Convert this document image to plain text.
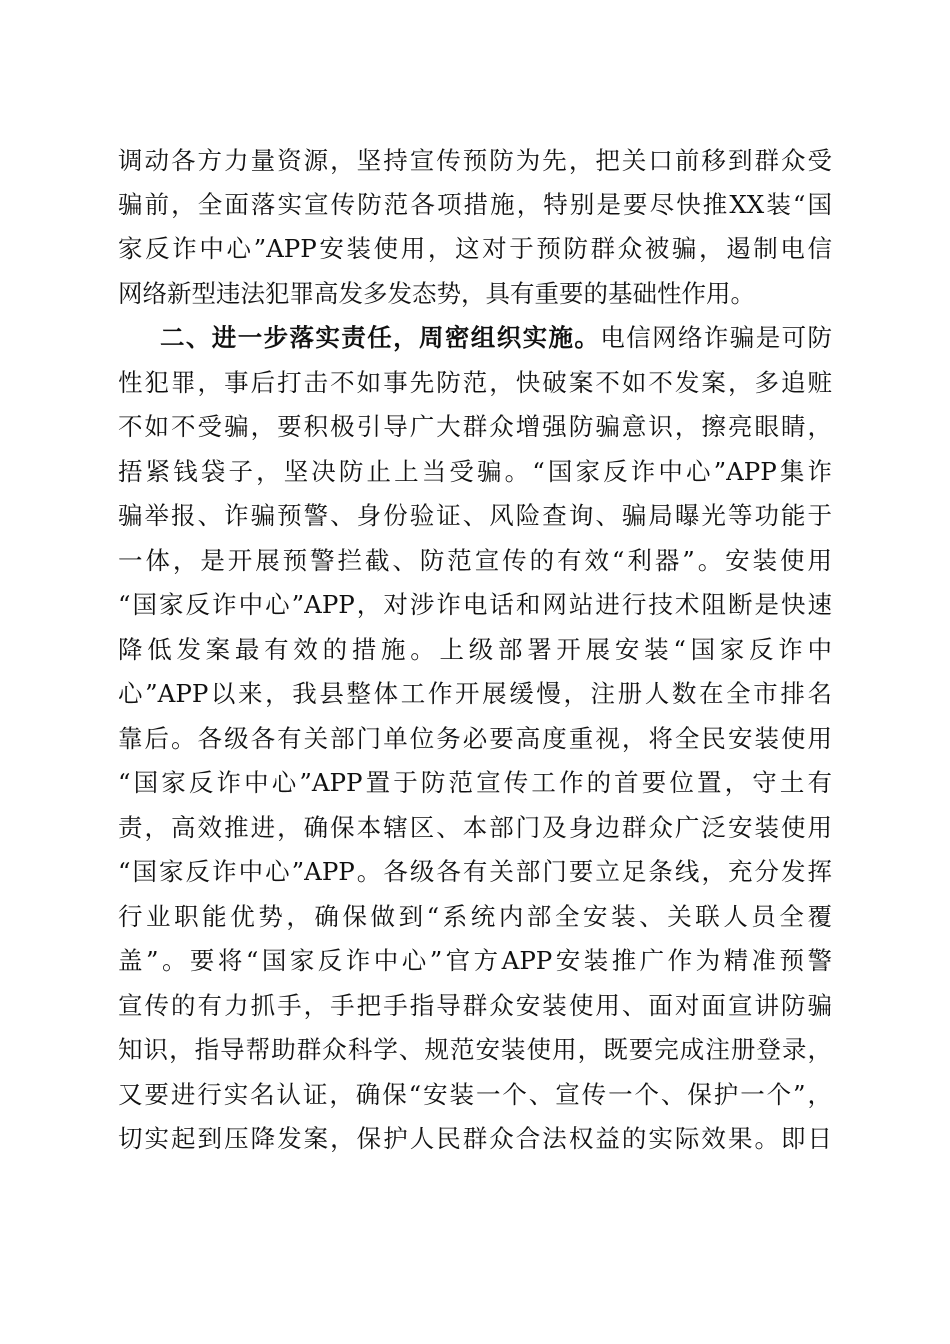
调动各方力量资源，坚持宣传预防为先，把关口前移到群众受
骗前，全面落实宣传防范各项措施，特别是要尽快推XX装“国
家反诈中心”APP安装使用，这对于预防群众被骗，遏制电信
网络新型违法犯罪高发多发态势，具有重要的基础性作用。
二、进一步落实责任，周密组织实施。电信网络诈骗是可防
性犯罪，事后打击不如事先防范，快破案不如不发案，多追赃
不如不受骗，要积极引导广大群众增强防骗意识，擦亮眼睛，
捂紧钱袋子，坚决防止上当受骗。“国家反诈中心”APP集诈
骗举报、诈骗预警、身份验证、风险查询、骗局曝光等功能于
一体，是开展预警拦截、防范宣传的有效“利器”。安装使用
“国家反诈中心”APP，对涉诈电话和网站进行技术阻断是快速
降低发案最有效的措施。上级部署开展安装“国家反诈中
心”APP以来，我县整体工作开展缓慢，注册人数在全市排名
靠后。各级各有关部门单位务必要高度重视，将全民安装使用
“国家反诈中心”APP置于防范宣传工作的首要位置，守土有
责，高效推进，确保本辖区、本部门及身边群众广泛安装使用
“国家反诈中心”APP。各级各有关部门要立足条线，充分发挥
行业职能优势，确保做到“系统内部全安装、关联人员全覆
盖”。要将“国家反诈中心”官方APP安装推广作为精准预警
宣传的有力抓手，手把手指导群众安装使用、面对面宣讲防骗
知识，指导帮助群众科学、规范安装使用，既要完成注册登录，
又要进行实名认证，确保“安装一个、宣传一个、保护一个”，
切实起到压降发案，保护人民群众合法权益的实际效果。即日
